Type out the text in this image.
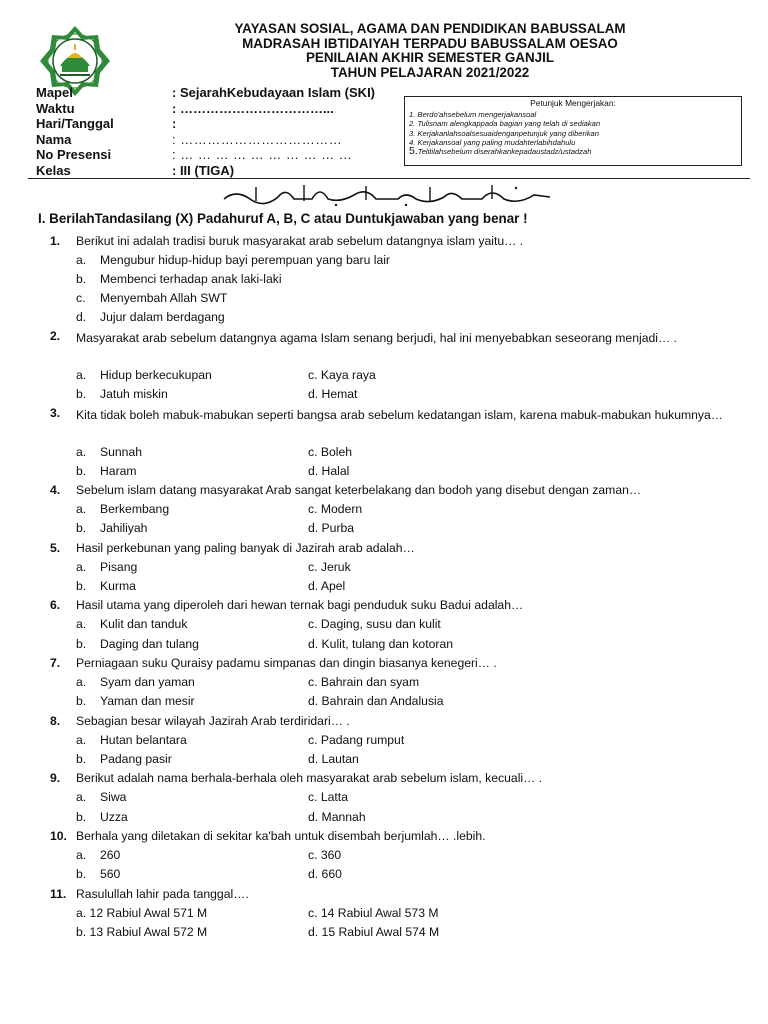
YAYASAN SOSIAL, AGAMA DAN PENDIDIKAN BABUSSALAM
MADRASAH IBTIDAIYAH TERPADU BABUSSALAM OESAO
PENILAIAN AKHIR SEMESTER GANJIL
TAHUN PELAJARAN 2021/2022
Mapel	: SejarahKebudayaan Islam (SKI)
Waktu	: ……………………………...
Hari/Tanggal	:
Nama	: ………………………………
No Presensi	: … … … … … … … … … …
Kelas	: III (TIGA)
Petunjuk Mengerjakan:
1. Berdo'ahsebelum mengerjakansoal
2. Tulisnam alengkappada bagian yang telah di sediakan
3. Kerjakanlahsoalsesuaidenganpetunjuk yang diberikan
4. Kerjakansoal yang paling mudahterlabihdahulu
5.Telitilahsebelum diserahkankepadaustadz/ustadzah
I. BerilahTandasilang (X) Padahuruf A, B, C atau Duntukjawaban yang benar !
1. Berikut ini adalah tradisi buruk masyarakat arab sebelum datangnya islam yaitu… .
a. Mengubur hidup-hidup bayi perempuan yang baru lair
b. Membenci terhadap anak laki-laki
c. Menyembah Allah SWT
d. Jujur dalam berdagang
2. Masyarakat arab sebelum datangnya agama Islam senang berjudi, hal ini menyebabkan seseorang menjadi… .
a. Hidup berkecukupan	c. Kaya raya
b. Jatuh miskin	d. Hemat
3. Kita tidak boleh mabuk-mabukan seperti bangsa arab sebelum kedatangan islam, karena mabuk-mabukan hukumnya…
a. Sunnah	c. Boleh
b. Haram	d. Halal
4. Sebelum islam datang masyarakat Arab sangat keterbelakang dan bodoh yang disebut dengan zaman…
a. Berkembang	c. Modern
b. Jahiliyah	d. Purba
5. Hasil perkebunan yang paling banyak di Jazirah arab adalah…
a. Pisang	c. Jeruk
b. Kurma	d. Apel
6. Hasil utama yang diperoleh dari hewan ternak bagi penduduk suku Badui adalah…
a. Kulit dan tanduk	c. Daging, susu dan kulit
b. Daging dan tulang	d. Kulit, tulang dan kotoran
7. Perniagaan suku Quraisy padamu simpanas dan dingin biasanya kenegeri… .
a. Syam dan yaman	c. Bahrain dan syam
b. Yaman dan mesir	d. Bahrain dan Andalusia
8. Sebagian besar wilayah Jazirah Arab terdiridari… .
a. Hutan belantara	c. Padang rumput
b. Padang pasir	d. Lautan
9. Berikut adalah nama berhala-berhala oleh masyarakat arab sebelum islam, kecuali… .
a. Siwa	c. Latta
b. Uzza	d. Mannah
10. Berhala yang diletakan di sekitar ka'bah untuk disembah berjumlah… .lebih.
a. 260	c. 360
b. 560	d. 660
11. Rasulullah lahir pada tanggal….
a. 12 Rabiul Awal 571 M	c. 14 Rabiul Awal 573 M
b. 13 Rabiul Awal 572 M	d. 15 Rabiul Awal 574 M
